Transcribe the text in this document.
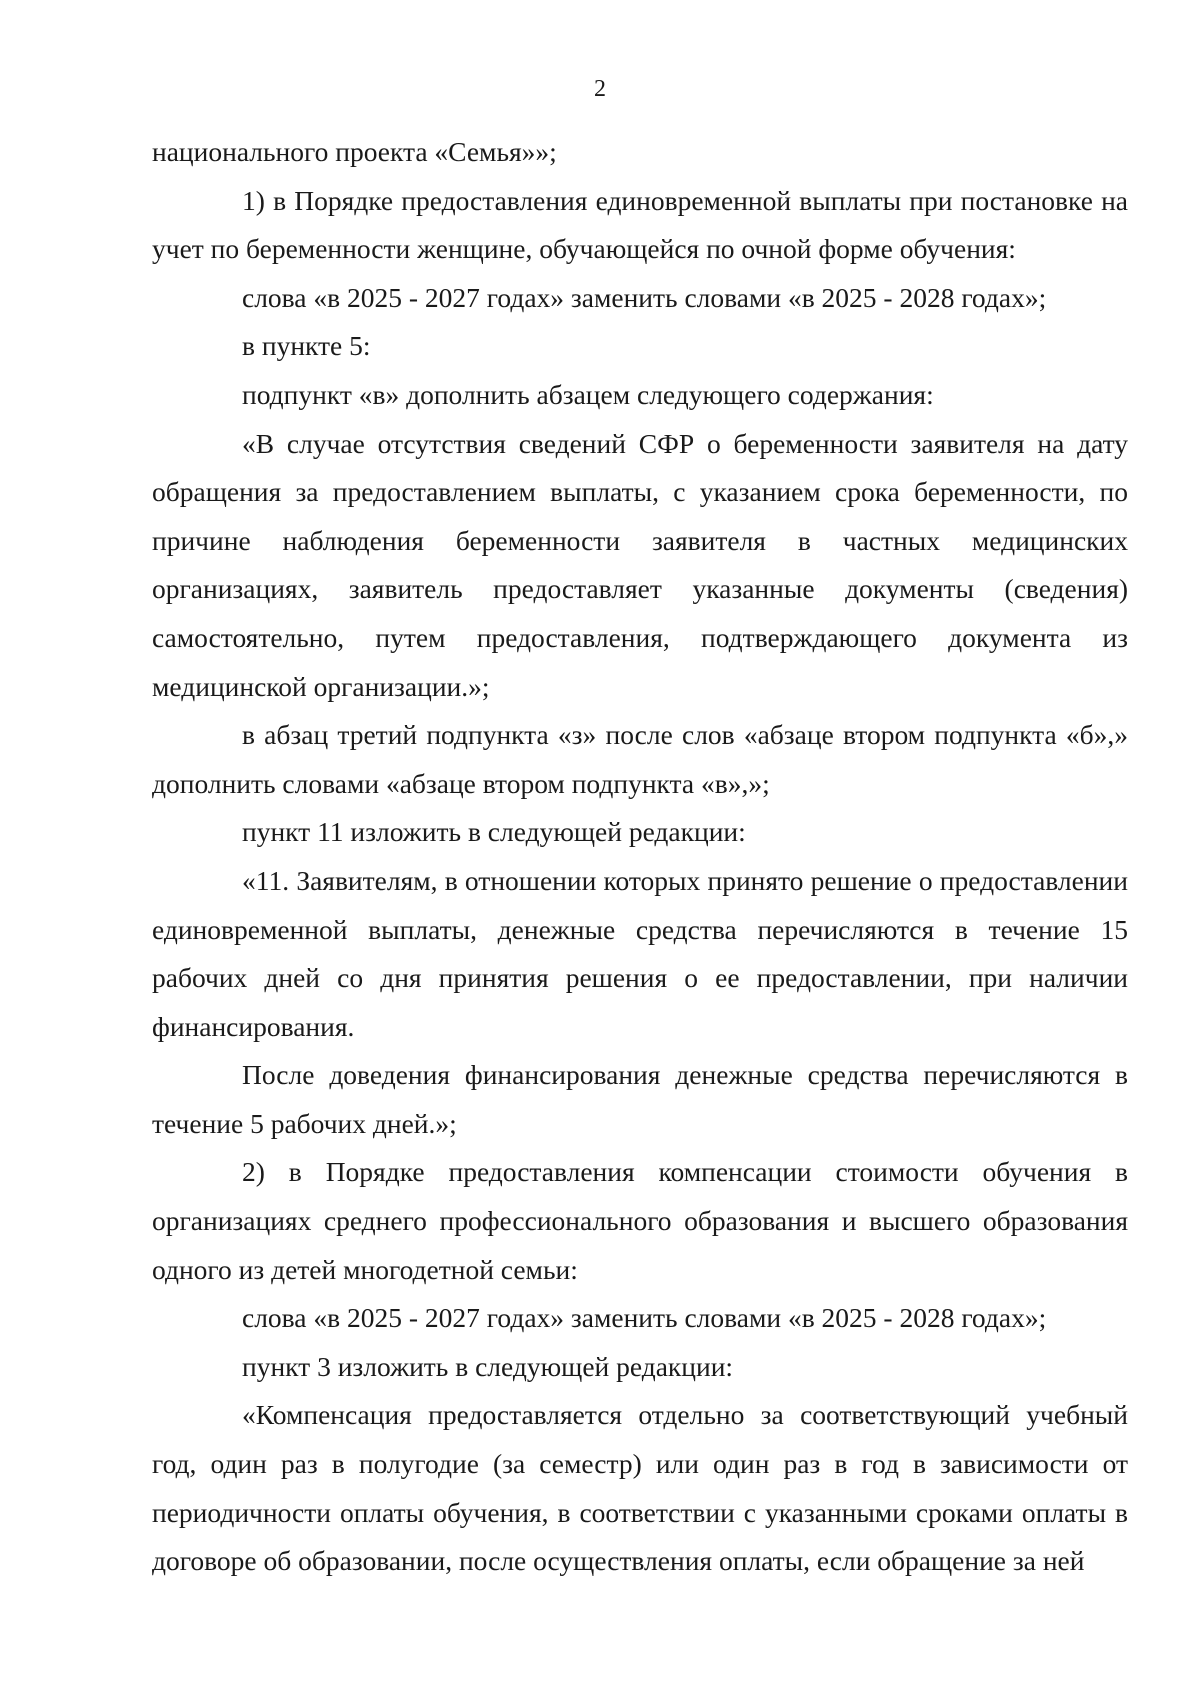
2

национального проекта «Семья»»;

1) в Порядке предоставления единовременной выплаты при постановке на учет по беременности женщине, обучающейся по очной форме обучения:

слова «в 2025 - 2027 годах» заменить словами «в 2025 - 2028 годах»;

в пункте 5:

подпункт «в» дополнить абзацем следующего содержания:

«В случае отсутствия сведений СФР о беременности заявителя на дату обращения за предоставлением выплаты, с указанием срока беременности, по причине наблюдения беременности заявителя в частных медицинских организациях, заявитель предоставляет указанные документы (сведения) самостоятельно, путем предоставления, подтверждающего документа из медицинской организации.»;

в абзац третий подпункта «з» после слов «абзаце втором подпункта «б»,» дополнить словами «абзаце втором подпункта «в»,»;

пункт 11 изложить в следующей редакции:

«11. Заявителям, в отношении которых принято решение о предоставлении единовременной выплаты, денежные средства перечисляются в течение 15 рабочих дней со дня принятия решения о ее предоставлении, при наличии финансирования.

После доведения финансирования денежные средства перечисляются в течение 5 рабочих дней.»;

2) в Порядке предоставления компенсации стоимости обучения в организациях среднего профессионального образования и высшего образования одного из детей многодетной семьи:

слова «в 2025 - 2027 годах» заменить словами «в 2025 - 2028 годах»;

пункт 3 изложить в следующей редакции:

«Компенсация предоставляется отдельно за соответствующий учебный год, один раз в полугодие (за семестр) или один раз в год в зависимости от периодичности оплаты обучения, в соответствии с указанными сроками оплаты в договоре об образовании, после осуществления оплаты, если обращение за ней
